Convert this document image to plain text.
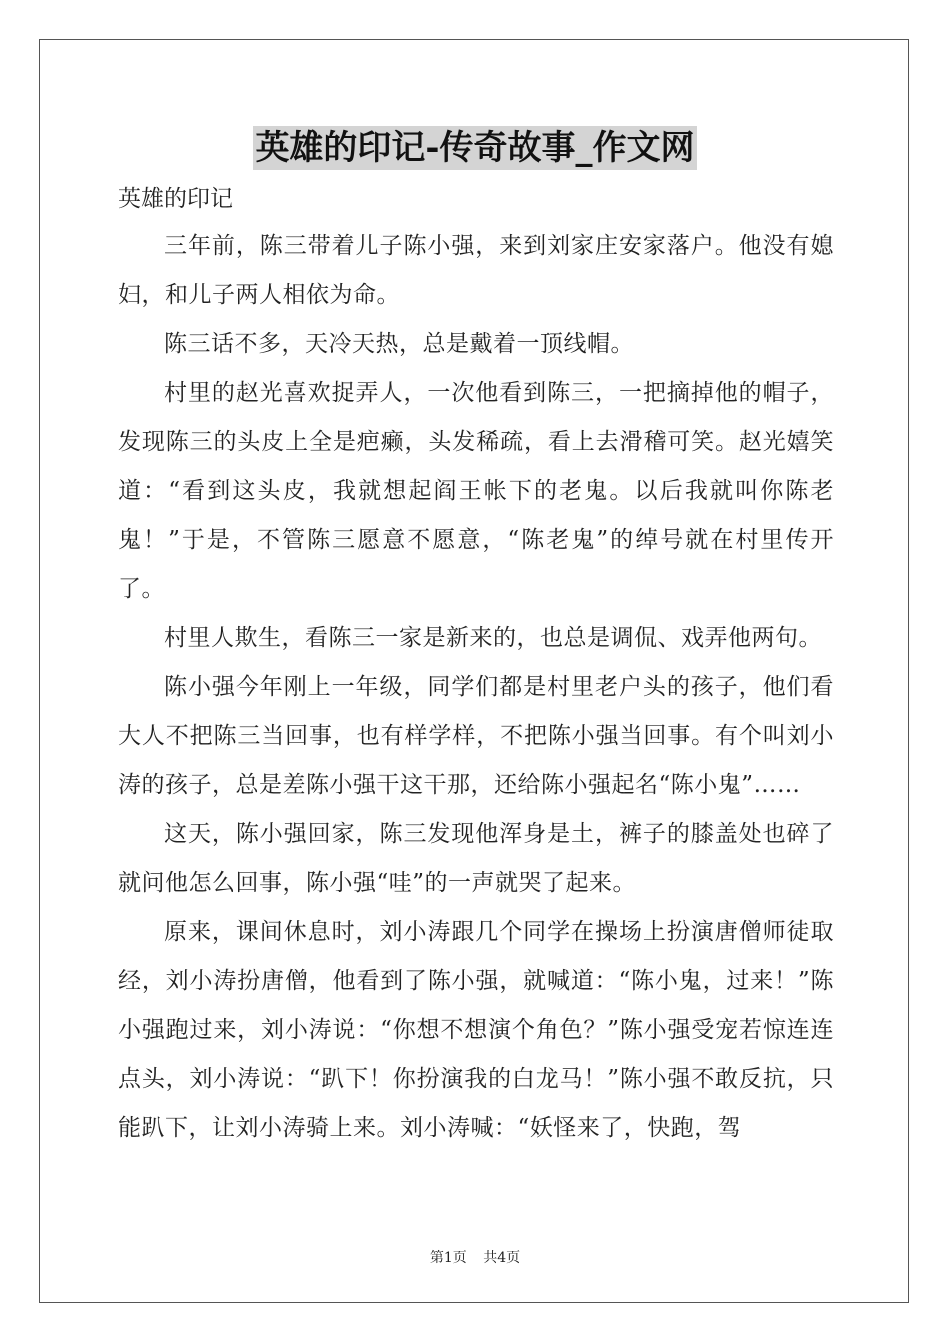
英雄的印记-传奇故事_作文网

英雄的印记

三年前，陈三带着儿子陈小强，来到刘家庄安家落户。他没有媳妇，和儿子两人相依为命。

陈三话不多，天冷天热，总是戴着一顶线帽。

村里的赵光喜欢捉弄人，一次他看到陈三，一把摘掉他的帽子，发现陈三的头皮上全是疤癞，头发稀疏，看上去滑稽可笑。赵光嬉笑道：“看到这头皮，我就想起阎王帐下的老鬼。以后我就叫你陈老鬼！”于是，不管陈三愿意不愿意，“陈老鬼”的绰号就在村里传开了。

村里人欺生，看陈三一家是新来的，也总是调侃、戏弄他两句。

陈小强今年刚上一年级，同学们都是村里老户头的孩子，他们看大人不把陈三当回事，也有样学样，不把陈小强当回事。有个叫刘小涛的孩子，总是差陈小强干这干那，还给陈小强起名“陈小鬼”……

这天，陈小强回家，陈三发现他浑身是土，裤子的膝盖处也碎了就问他怎么回事，陈小强“哇”的一声就哭了起来。

原来，课间休息时，刘小涛跟几个同学在操场上扮演唐僧师徒取经，刘小涛扮唐僧，他看到了陈小强，就喊道：“陈小鬼，过来！”陈小强跑过来，刘小涛说：“你想不想演个角色？”陈小强受宠若惊连连点头，刘小涛说：“趴下！你扮演我的白龙马！”陈小强不敢反抗，只能趴下，让刘小涛骑上来。刘小涛喊：“妖怪来了，快跑，驾

第1页 共4页
